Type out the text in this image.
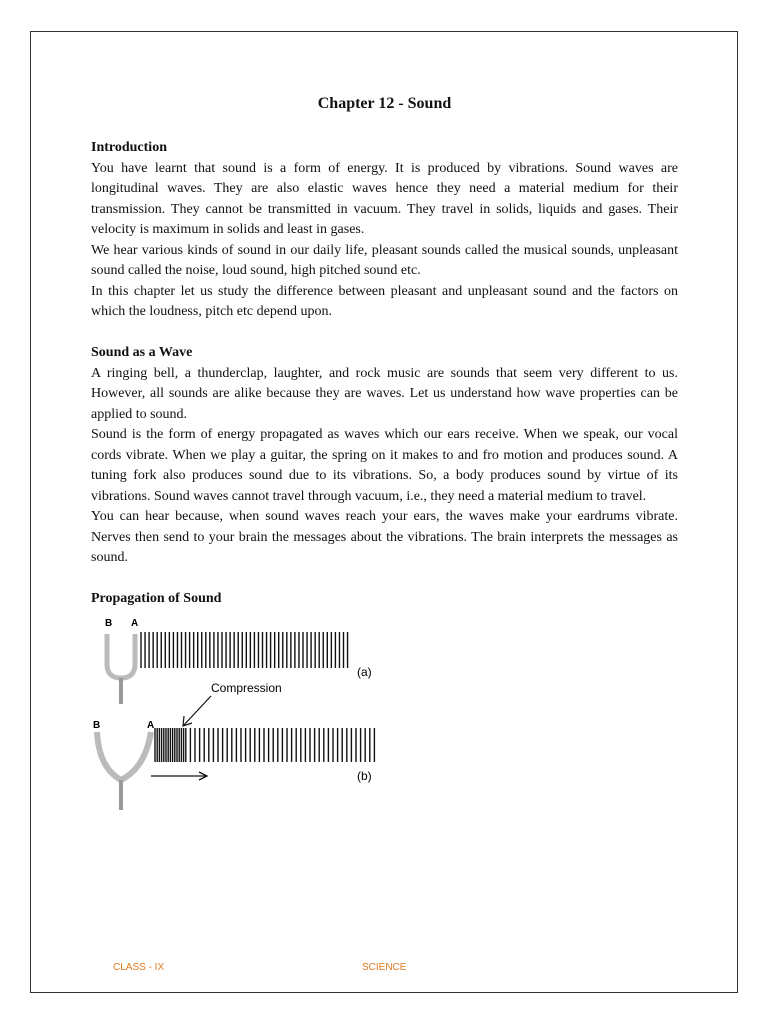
Chapter 12 - Sound
Introduction

You have learnt that sound is a form of energy. It is produced by vibrations. Sound waves are longitudinal waves. They are also elastic waves hence they need a material medium for their transmission. They cannot be transmitted in vacuum. They travel in solids, liquids and gases. Their velocity is maximum in solids and least in gases.

We hear various kinds of sound in our daily life, pleasant sounds called the musical sounds, unpleasant sound called the noise, loud sound, high pitched sound etc.

In this chapter let us study the difference between pleasant and unpleasant sound and the factors on which the loudness, pitch etc depend upon.

Sound as a Wave

A ringing bell, a thunderclap, laughter, and rock music are sounds that seem very different to us. However, all sounds are alike because they are waves. Let us understand how wave properties can be applied to sound.

Sound is the form of energy propagated as waves which our ears receive. When we speak, our vocal cords vibrate. When we play a guitar, the spring on it makes to and fro motion and produces sound. A tuning fork also produces sound due to its vibrations. So, a body produces sound by virtue of its vibrations. Sound waves cannot travel through vacuum, i.e., they need a material medium to travel.

You can hear because, when sound waves reach your ears, the waves make your eardrums vibrate. Nerves then send to your brain the messages about the vibrations. The brain interprets the messages as sound.

Propagation of Sound
B A
(a)
Compression
B	A
(b)
CLASS - IX	SCIENCE
